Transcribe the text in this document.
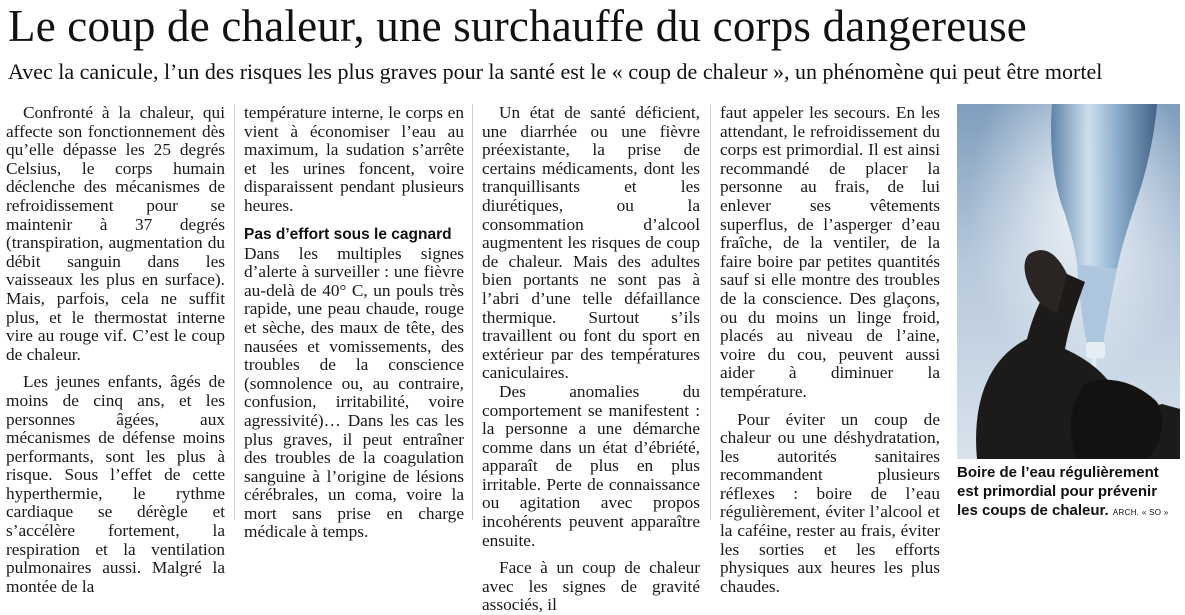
Le coup de chaleur, une surchauffe du corps dangereuse
Avec la canicule, l’un des risques les plus graves pour la santé est le « coup de chaleur », un phénomène qui peut être mortel

Confronté à la chaleur, qui affecte son fonctionnement dès qu’elle dépasse les 25 degrés Celsius, le corps humain déclenche des mécanismes de refroidissement pour se maintenir à 37 degrés (transpiration, augmentation du débit sanguin dans les vaisseaux les plus en surface). Mais, parfois, cela ne suffit plus, et le thermostat interne vire au rouge vif. C’est le coup de chaleur.

Les jeunes enfants, âgés de moins de cinq ans, et les personnes âgées, aux mécanismes de défense moins performants, sont les plus à risque. Sous l’effet de cette hyperthermie, le rythme cardiaque se dérègle et s’accélère fortement, la respiration et la ventilation pulmonaires aussi. Malgré la montée de la

température interne, le corps en vient à économiser l’eau au maximum, la sudation s’arrête et les urines foncent, voire disparaissent pendant plusieurs heures.

Pas d’effort sous le cagnard

Dans les multiples signes d’alerte à surveiller : une fièvre au-delà de 40° C, un pouls très rapide, une peau chaude, rouge et sèche, des maux de tête, des nausées et vomissements, des troubles de la conscience (somnolence ou, au contraire, confusion, irritabilité, voire agressivité)… Dans les cas les plus graves, il peut entraîner des troubles de la coagulation sanguine à l’origine de lésions cérébrales, un coma, voire la mort sans prise en charge médicale à temps.

Un état de santé déficient, une diarrhée ou une fièvre préexistante, la prise de certains médicaments, dont les tranquillisants et les diurétiques, ou la consommation d’alcool augmentent les risques de coup de chaleur. Mais des adultes bien portants ne sont pas à l’abri d’une telle défaillance thermique. Surtout s’ils travaillent ou font du sport en extérieur par des températures caniculaires.

Des anomalies du comportement se manifestent : la personne a une démarche comme dans un état d’ébriété, apparaît de plus en plus irritable. Perte de connaissance ou agitation avec propos incohérents peuvent apparaître ensuite.

Face à un coup de chaleur avec les signes de gravité associés, il

faut appeler les secours. En les attendant, le refroidissement du corps est primordial. Il est ainsi recommandé de placer la personne au frais, de lui enlever ses vêtements superflus, de l’asperger d’eau fraîche, de la ventiler, de la faire boire par petites quantités sauf si elle montre des troubles de la conscience. Des glaçons, ou du moins un linge froid, placés au niveau de l’aine, voire du cou, peuvent aussi aider à diminuer la température.

Pour éviter un coup de chaleur ou une déshydratation, les autorités sanitaires recommandent plusieurs réflexes : boire de l’eau régulièrement, éviter l’alcool et la caféine, rester au frais, éviter les sorties et les efforts physiques aux heures les plus chaudes.

Boire de l’eau régulièrement est primordial pour prévenir les coups de chaleur. ARCH. « SO »
